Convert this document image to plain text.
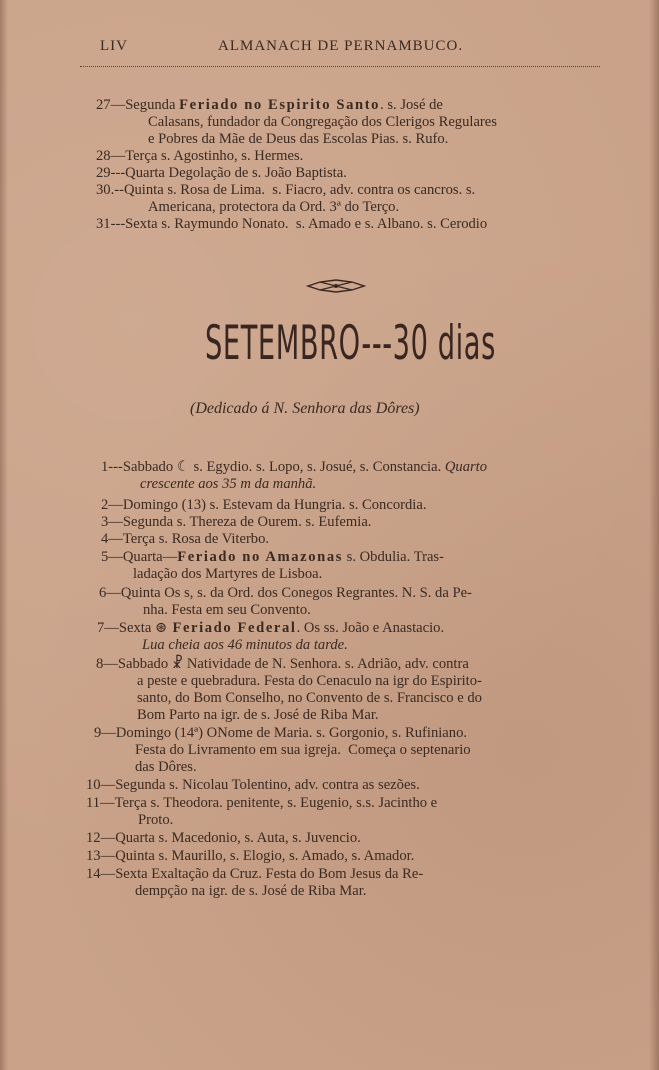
LIV	ALMANACH DE PERNAMBUCO.
27—Segunda Feriado no Espirito Santo. s. José de
Calasans, fundador da Congregação dos Clerigos Regulares
e Pobres da Mãe de Deus das Escolas Pias. s. Rufo.
28—Terça s. Agostinho, s. Hermes.
29---Quarta Degolação de s. João Baptista.
30.--Quinta s. Rosa de Lima.  s. Fiacro, adv. contra os cancros. s.
Americana, protectora da Ord. 3ª do Terço.
31---Sexta s. Raymundo Nonato.  s. Amado e s. Albano. s. Cerodio
SETEMBRO---30 dias
(Dedicado á N. Senhora das Dôres)
1---Sabbado ☾ s. Egydio. s. Lopo, s. Josué, s. Constancia. Quarto
crescente aos 35 m da manhã.
2—Domingo (13) s. Estevam da Hungria. s. Concordia.
3—Segunda s. Thereza de Ourem. s. Eufemia.
4—Terça s. Rosa de Viterbo.
5—Quarta—Feriado no Amazonas s. Obdulia. Tras-
ladação dos Martyres de Lisboa.
6—Quinta Os s, s. da Ord. dos Conegos Regrantes. N. S. da Pe-
nha. Festa em seu Convento.
7—Sexta ⊛ Feriado Federal. Os ss. João e Anastacio.
Lua cheia aos 46 minutos da tarde.
8—Sabbado ☧ Natividade de N. Senhora. s. Adrião, adv. contra
a peste e quebradura. Festa do Cenaculo na igr do Espirito-
santo, do Bom Conselho, no Convento de s. Francisco e do
Bom Parto na igr. de s. José de Riba Mar.
9—Domingo (14ª) ONome de Maria. s. Gorgonio, s. Rufiniano.
Festa do Livramento em sua igreja.  Começa o septenario
das Dôres.
10—Segunda s. Nicolau Tolentino, adv. contra as sezões.
11—Terça s. Theodora. penitente, s. Eugenio, s.s. Jacintho e
Proto.
12—Quarta s. Macedonio, s. Auta, s. Juvencio.
13—Quinta s. Maurillo, s. Elogio, s. Amado, s. Amador.
14—Sexta Exaltação da Cruz. Festa do Bom Jesus da Re-
dempção na igr. de s. José de Riba Mar.
